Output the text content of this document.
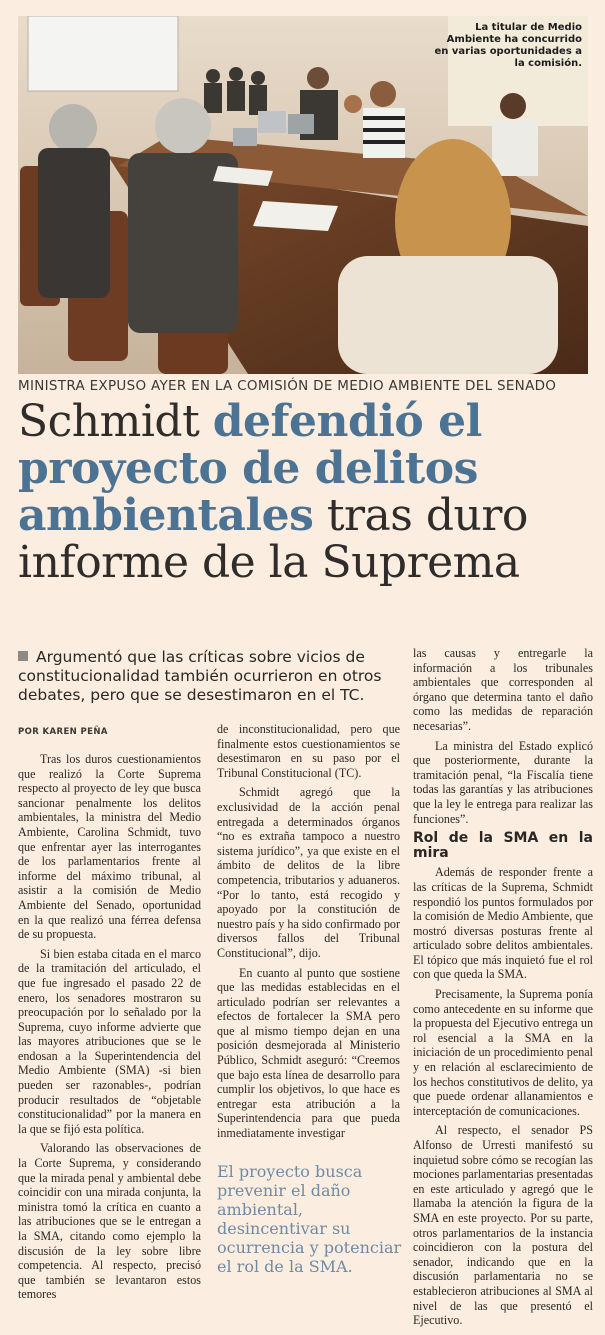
La titular de Medio Ambiente ha concurrido en varias oportunidades a la comisión.
MINISTRA EXPUSO AYER EN LA COMISIÓN DE MEDIO AMBIENTE DEL SENADO
Schmidt defendió el proyecto de delitos ambientales tras duro informe de la Suprema
Argumentó que las críticas sobre vicios de constitucionalidad también ocurrieron en otros debates, pero que se desestimaron en el TC.
POR KAREN PEÑA

Tras los duros cuestionamientos que realizó la Corte Suprema respecto al proyecto de ley que busca sancionar penalmente los delitos ambientales, la ministra del Medio Ambiente, Carolina Schmidt, tuvo que enfrentar ayer las interrogantes de los parlamentarios frente al informe del máximo tribunal, al asistir a la comisión de Medio Ambiente del Senado, oportunidad en la que realizó una férrea defensa de su propuesta.

Si bien estaba citada en el marco de la tramitación del articulado, el que fue ingresado el pasado 22 de enero, los senadores mostraron su preocupación por lo señalado por la Suprema, cuyo informe advierte que las mayores atribuciones que se le endosan a la Superintendencia del Medio Ambiente (SMA) -si bien pueden ser razonables-, podrían producir resultados de “objetable constitucionalidad” por la manera en la que se fijó esta política.

Valorando las observaciones de la Corte Suprema, y considerando que la mirada penal y ambiental debe coincidir con una mirada conjunta, la ministra tomó la crítica en cuanto a las atribuciones que se le entregan a la SMA, citando como ejemplo la discusión de la ley sobre libre competencia. Al respecto, precisó que también se levantaron estos temores

de inconstitucionalidad, pero que finalmente estos cuestionamientos se desestimaron en su paso por el Tribunal Constitucional (TC).

Schmidt agregó que la exclusividad de la acción penal entregada a determinados órganos “no es extraña tampoco a nuestro sistema jurídico”, ya que existe en el ámbito de delitos de la libre competencia, tributarios y aduaneros. “Por lo tanto, está recogido y apoyado por la constitución de nuestro país y ha sido confirmado por diversos fallos del Tribunal Constitucional”, dijo.

En cuanto al punto que sostiene que las medidas establecidas en el articulado podrían ser relevantes a efectos de fortalecer la SMA pero que al mismo tiempo dejan en una posición desmejorada al Ministerio Público, Schmidt aseguró: “Creemos que bajo esta línea de desarrollo para cumplir los objetivos, lo que hace es entregar esta atribución a la Superintendencia para que pueda inmediatamente investigar

El proyecto busca prevenir el daño ambiental, desincentivar su ocurrencia y potenciar el rol de la SMA.

las causas y entregarle la información a los tribunales ambientales que corresponden al órgano que determina tanto el daño como las medidas de reparación necesarias”.

La ministra del Estado explicó que posteriormente, durante la tramitación penal, “la Fiscalía tiene todas las garantías y las atribuciones que la ley le entrega para realizar las funciones”.

Rol de la SMA en la mira

Además de responder frente a las críticas de la Suprema, Schmidt respondió los puntos formulados por la comisión de Medio Ambiente, que mostró diversas posturas frente al articulado sobre delitos ambientales. El tópico que más inquietó fue el rol con que queda la SMA.

Precisamente, la Suprema ponía como antecedente en su informe que la propuesta del Ejecutivo entrega un rol esencial a la SMA en la iniciación de un procedimiento penal y en relación al esclarecimiento de los hechos constitutivos de delito, ya que puede ordenar allanamientos e interceptación de comunicaciones.

Al respecto, el senador PS Alfonso de Urresti manifestó su inquietud sobre cómo se recogían las mociones parlamentarias presentadas en este articulado y agregó que le llamaba la atención la figura de la SMA en este proyecto. Por su parte, otros parlamentarios de la instancia coincidieron con la postura del senador, indicando que en la discusión parlamentaria no se establecieron atribuciones al SMA al nivel de las que presentó el Ejecutivo.
